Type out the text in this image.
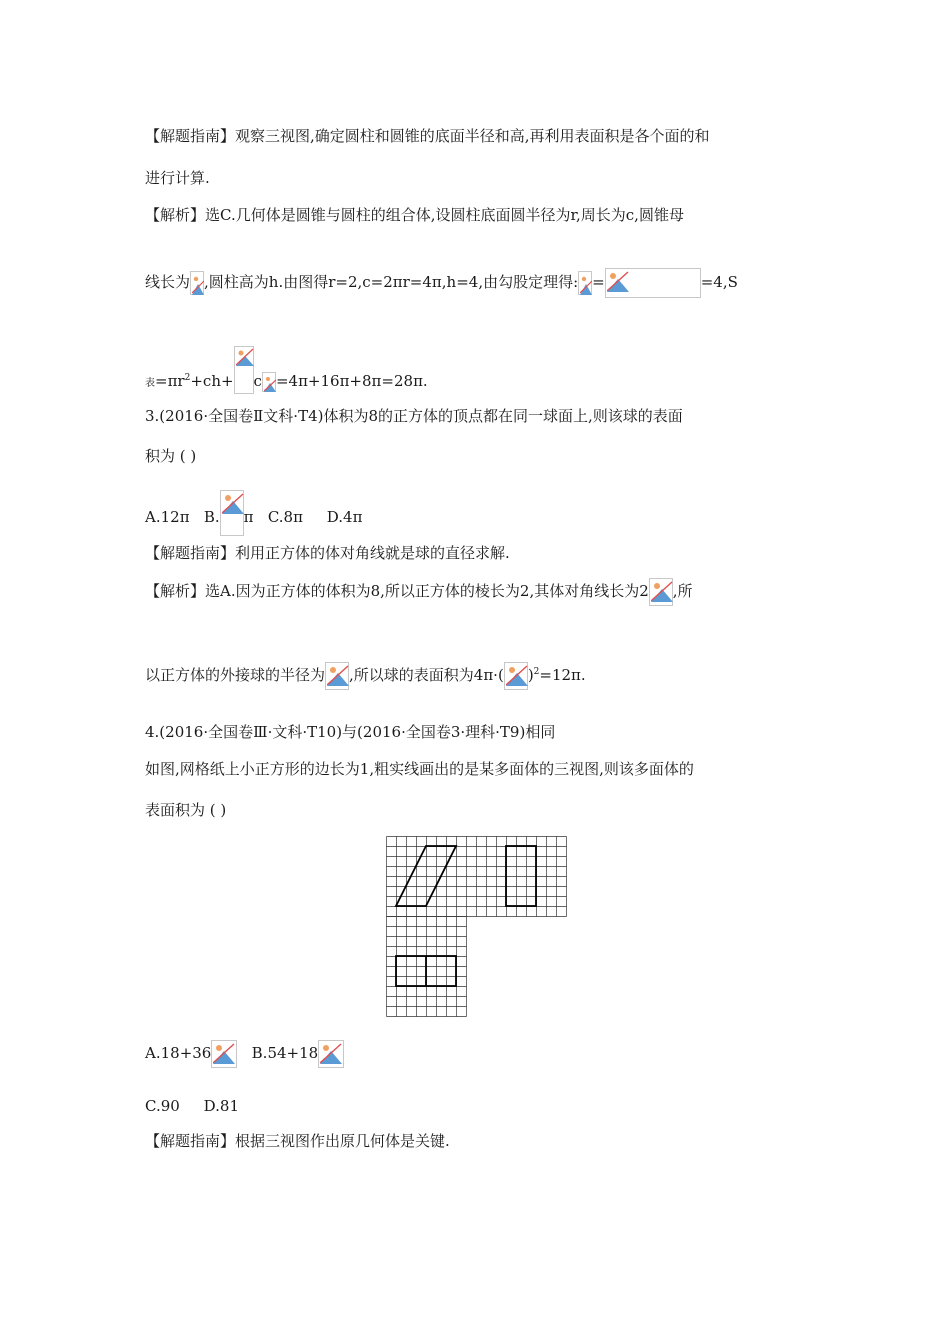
【解题指南】观察三视图,确定圆柱和圆锥的底面半径和高,再利用表面积是各个面的和
进行计算.
【解析】选C.几何体是圆锥与圆柱的组合体,设圆柱底面圆半径为r,周长为c,圆锥母
线长为 ,圆柱高为h.由图得r=2,c=2πr=4π,h=4,由勾股定理得: =	=4,S
表$=\pi r^2+ch+ c =4\pi+16\pi+8\pi=28\pi$.
3.(2016·全国卷Ⅱ文科·T4)体积为8的正方体的顶点都在同一球面上,则该球的表面
积为 ( )
A.12π B. π C.8π D.4π
【解题指南】利用正方体的体对角线就是球的直径求解.
【解析】选A.因为正方体的体积为8,所以正方体的棱长为2,其体对角线长为2 ,所
以正方体的外接球的半径为 ,所以球的表面积为4π·( )$^2$=12π.
4.(2016·全国卷Ⅲ·文科·T10)与(2016·全国卷3·理科·T9)相同
如图,网格纸上小正方形的边长为1,粗实线画出的是某多面体的三视图,则该多面体的
表面积为 ( )
A.18+36	B.54+18
C.90 D.81
【解题指南】根据三视图作出原几何体是关键.
